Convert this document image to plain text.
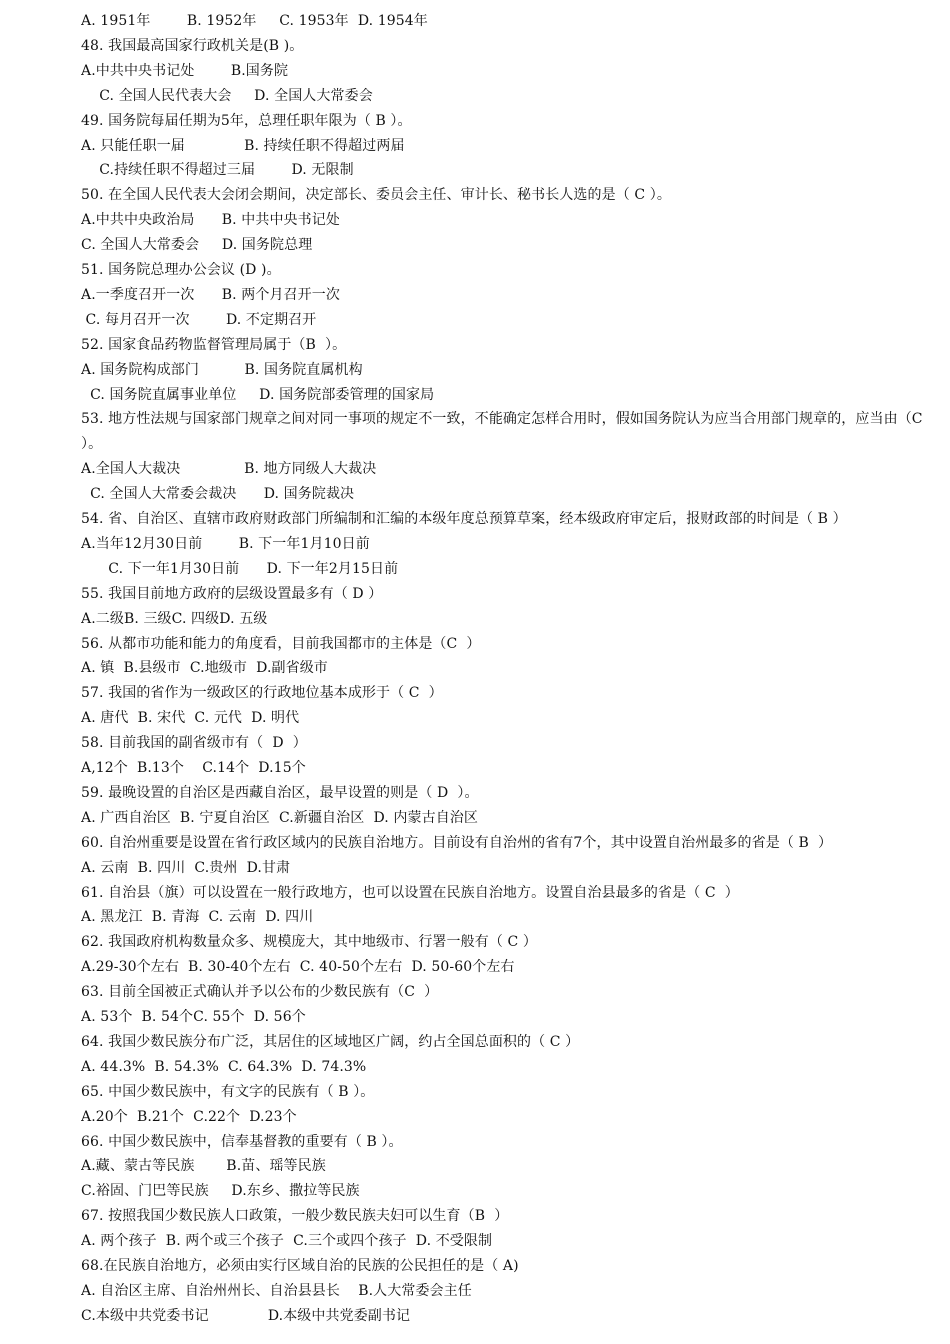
A. 1951年        B. 1952年     C. 1953年  D. 1954年
48. 我国最高国家行政机关是(B )。
A.中共中央书记处        B.国务院
C. 全国人民代表大会     D. 全国人大常委会
49. 国务院每届任期为5年，总理任职年限为（ B ）。
A. 只能任职一届             B. 持续任职不得超过两届
C.持续任职不得超过三届        D. 无限制
50. 在全国人民代表大会闭会期间，决定部长、委员会主任、审计长、秘书长人选的是（ C ）。
A.中共中央政治局      B. 中共中央书记处
C. 全国人大常委会     D. 国务院总理
51. 国务院总理办公会议 (D )。
A.一季度召开一次      B. 两个月召开一次
C. 每月召开一次        D. 不定期召开
52. 国家食品药物监督管理局属于（B  ）。
A. 国务院构成部门          B. 国务院直属机构
C. 国务院直属事业单位     D. 国务院部委管理的国家局
53. 地方性法规与国家部门规章之间对同一事项的规定不一致，不能确定怎样合用时，假如国务院认为应当合用部门规章的，应当由（C
）。
A.全国人大裁决              B. 地方同级人大裁决
C. 全国人大常委会裁决      D. 国务院裁决
54. 省、自治区、直辖市政府财政部门所编制和汇编的本级年度总预算草案，经本级政府审定后，报财政部的时间是（ B ）
A.当年12月30日前        B. 下一年1月10日前
C. 下一年1月30日前      D. 下一年2月15日前
55. 我国目前地方政府的层级设置最多有（ D ）
A.二级B. 三级C. 四级D. 五级
56. 从都市功能和能力的角度看，目前我国都市的主体是（C  ）
A. 镇  B.县级市  C.地级市  D.副省级市
57. 我国的省作为一级政区的行政地位基本成形于（ C  ）
A. 唐代  B. 宋代  C. 元代  D. 明代
58. 目前我国的副省级市有（  D  ）
A,12个  B.13个    C.14个  D.15个
59. 最晚设置的自治区是西藏自治区，最早设置的则是（ D  ）。
A. 广西自治区  B. 宁夏自治区  C.新疆自治区  D. 内蒙古自治区
60. 自治州重要是设置在省行政区域内的民族自治地方。目前设有自治州的省有7个，其中设置自治州最多的省是（ B  ）
A. 云南  B. 四川  C.贵州  D.甘肃
61. 自治县（旗）可以设置在一般行政地方，也可以设置在民族自治地方。设置自治县最多的省是（ C  ）
A. 黑龙江  B. 青海  C. 云南  D. 四川
62. 我国政府机构数量众多、规模庞大，其中地级市、行署一般有（ C ）
A.29-30个左右  B. 30-40个左右  C. 40-50个左右  D. 50-60个左右
63. 目前全国被正式确认并予以公布的少数民族有（C  ）
A. 53个  B. 54个C. 55个  D. 56个
64. 我国少数民族分布广泛，其居住的区域地区广阔，约占全国总面积的（ C ）
A. 44.3%  B. 54.3%  C. 64.3%  D. 74.3%
65. 中国少数民族中，有文字的民族有（ B ）。
A.20个  B.21个  C.22个  D.23个
66. 中国少数民族中，信奉基督教的重要有（ B ）。
A.藏、蒙古等民族       B.苗、瑶等民族
C.裕固、门巴等民族     D.东乡、撒拉等民族
67. 按照我国少数民族人口政策，一般少数民族夫妇可以生育（B  ）
A. 两个孩子  B. 两个或三个孩子  C.三个或四个孩子  D. 不受限制
68.在民族自治地方，必须由实行区域自治的民族的公民担任的是（ A)
A. 自治区主席、自治州州长、自治县县长    B.人大常委会主任
C.本级中共党委书记             D.本级中共党委副书记
